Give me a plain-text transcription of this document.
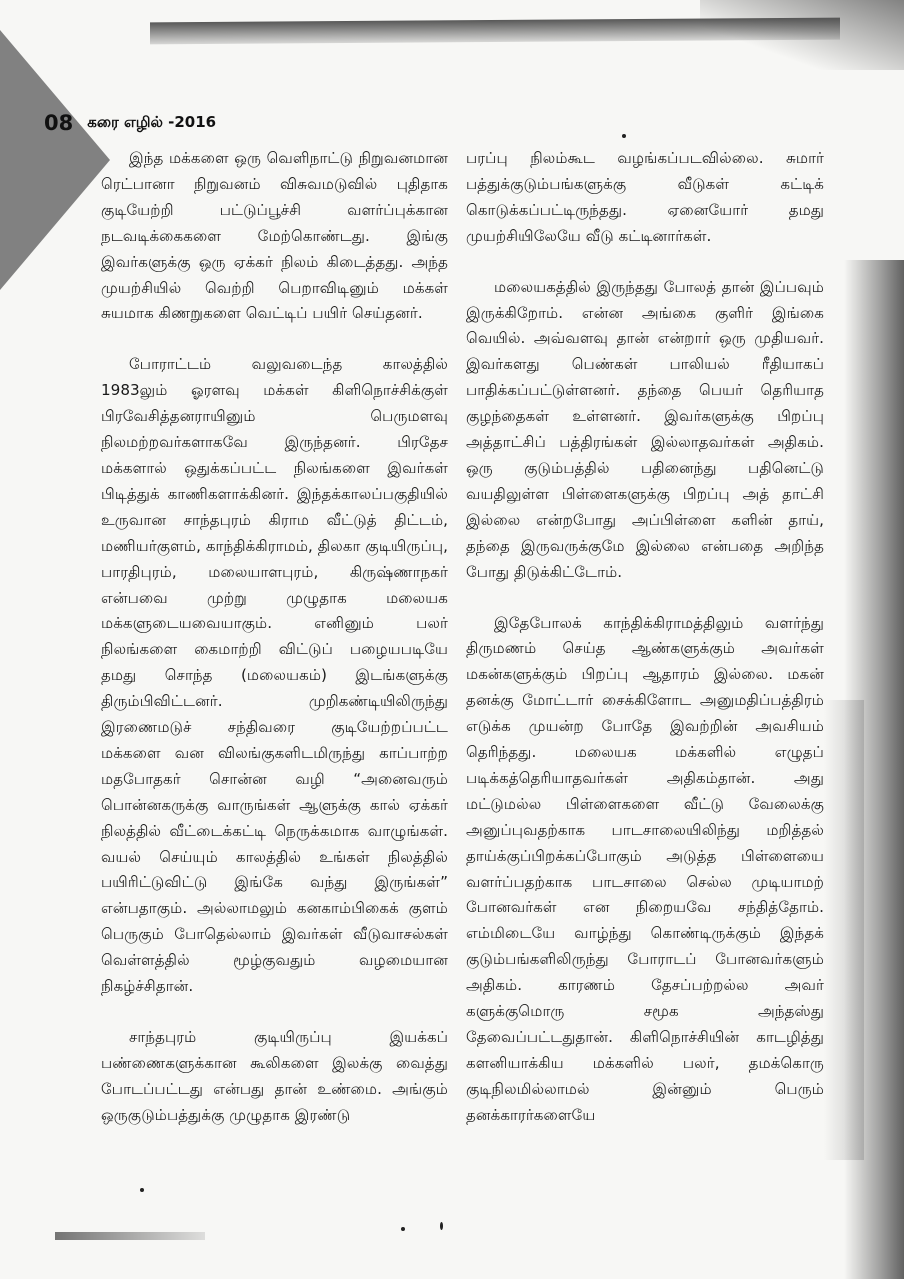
08 கரை எழில் -2016

இந்த மக்களை ஒரு வெளிநாட்டு நிறுவனமான ரெட்பானா நிறுவனம் விசுவமடுவில் புதிதாக குடியேற்றி பட்டுப்பூச்சி வளர்ப்புக்கான நடவடிக்கைகளை மேற்கொண்டது. இங்கு இவர்களுக்கு ஒரு ஏக்கர் நிலம் கிடைத்தது. அந்த முயற்சியில் வெற்றி பெறாவிடினும் மக்கள் சுயமாக கிணறுகளை வெட்டிப் பயிர் செய்தனர்.

போராட்டம் வலுவடைந்த காலத்தில் 1983லும் ஓரளவு மக்கள் கிளிநொச்சிக்குள் பிரவேசித்தனராயினும் பெருமளவு நிலமற்றவர்களாகவே இருந்தனர். பிரதேச மக்களால் ஒதுக்கப்பட்ட நிலங்களை இவர்கள் பிடித்துக் காணிகளாக்கினர். இந்தக்காலப்பகுதியில் உருவான சாந்தபுரம் கிராம வீட்டுத் திட்டம், மணியர்குளம், காந்திக்கிராமம், திலகா குடியிருப்பு, பாரதிபுரம், மலையாளபுரம், கிருஷ்ணாநகர் என்பவை முற்று முழுதாக மலையக மக்களுடையவையாகும். எனினும் பலர் நிலங்களை கைமாற்றி விட்டுப் பழையபடியே தமது சொந்த (மலையகம்) இடங்களுக்கு திரும்பிவிட்டனர். முறிகண்டியிலிருந்து இரணைமடுச் சந்திவரை குடியேற்றப்பட்ட மக்களை வன விலங்குகளிடமிருந்து காப்பாற்ற மதபோதகர் சொன்ன வழி “அனைவரும் பொன்னகருக்கு வாருங்கள் ஆளுக்கு கால் ஏக்கர் நிலத்தில் வீட்டைக்கட்டி நெருக்கமாக வாழுங்கள். வயல் செய்யும் காலத்தில் உங்கள் நிலத்தில் பயிரிட்டுவிட்டு இங்கே வந்து இருங்கள்” என்பதாகும். அல்லாமலும் கனகாம்பிகைக் குளம் பெருகும் போதெல்லாம் இவர்கள் வீடுவாசல்கள் வெள்ளத்தில் மூழ்குவதும் வழமையான நிகழ்ச்சிதான்.

சாந்தபுரம் குடியிருப்பு இயக்கப் பண்ணைகளுக்கான கூலிகளை இலக்கு வைத்து போடப்பட்டது என்பது தான் உண்மை. அங்கும் ஒருகுடும்பத்துக்கு முழுதாக இரண்டு

பரப்பு நிலம்கூட வழங்கப்படவில்லை. சுமார் பத்துக்குடும்பங்களுக்கு வீடுகள் கட்டிக் கொடுக்கப்பட்டிருந்தது. ஏனையோர் தமது முயற்சியிலேயே வீடு கட்டினார்கள்.

மலையகத்தில் இருந்தது போலத் தான் இப்பவும் இருக்கிறோம். என்ன அங்கை குளிர் இங்கை வெயில். அவ்வளவு தான் என்றார் ஒரு முதியவர். இவர்களது பெண்கள் பாலியல் ரீதியாகப் பாதிக்கப்பட்டுள்ளனர். தந்தை பெயர் தெரியாத குழந்தைகள் உள்ளனர். இவர்களுக்கு பிறப்பு அத்தாட்சிப் பத்திரங்கள் இல்லாதவர்கள் அதிகம். ஒரு குடும்பத்தில் பதினைந்து பதினெட்டு வயதிலுள்ள பிள்ளைகளுக்கு பிறப்பு அத் தாட்சி இல்லை என்றபோது அப்பிள்ளை களின் தாய், தந்தை இருவருக்குமே இல்லை என்பதை அறிந்த போது திடுக்கிட்டோம்.

இதேபோலக் காந்திக்கிராமத்திலும் வளர்ந்து திருமணம் செய்த ஆண்களுக்கும் அவர்கள் மகன்களுக்கும் பிறப்பு ஆதாரம் இல்லை. மகன் தனக்கு மோட்டார் சைக்கிளோட அனுமதிப்பத்திரம் எடுக்க முயன்ற போதே இவற்றின் அவசியம் தெரிந்தது. மலையக மக்களில் எழுதப் படிக்கத்தெரியாதவர்கள் அதிகம்தான். அது மட்டுமல்ல பிள்ளைகளை வீட்டு வேலைக்கு அனுப்புவதற்காக பாடசாலையிலிந்து மறித்தல் தாய்க்குப்பிறக்கப்போகும் அடுத்த பிள்ளையை வளர்ப்பதற்காக பாடசாலை செல்ல முடியாமற் போனவர்கள் என நிறையவே சந்தித்தோம். எம்மிடையே வாழ்ந்து கொண்டிருக்கும் இந்தக் குடும்பங்களிலிருந்து போராடப் போனவர்களும் அதிகம். காரணம் தேசப்பற்றல்ல அவர் களுக்குமொரு சமூக அந்தஸ்து தேவைப்பட்டதுதான். கிளிநொச்சியின் காடழித்து களனியாக்கிய மக்களில் பலர், தமக்கொரு குடிநிலமில்லாமல் இன்னும் பெரும் தனக்காரர்களையே
